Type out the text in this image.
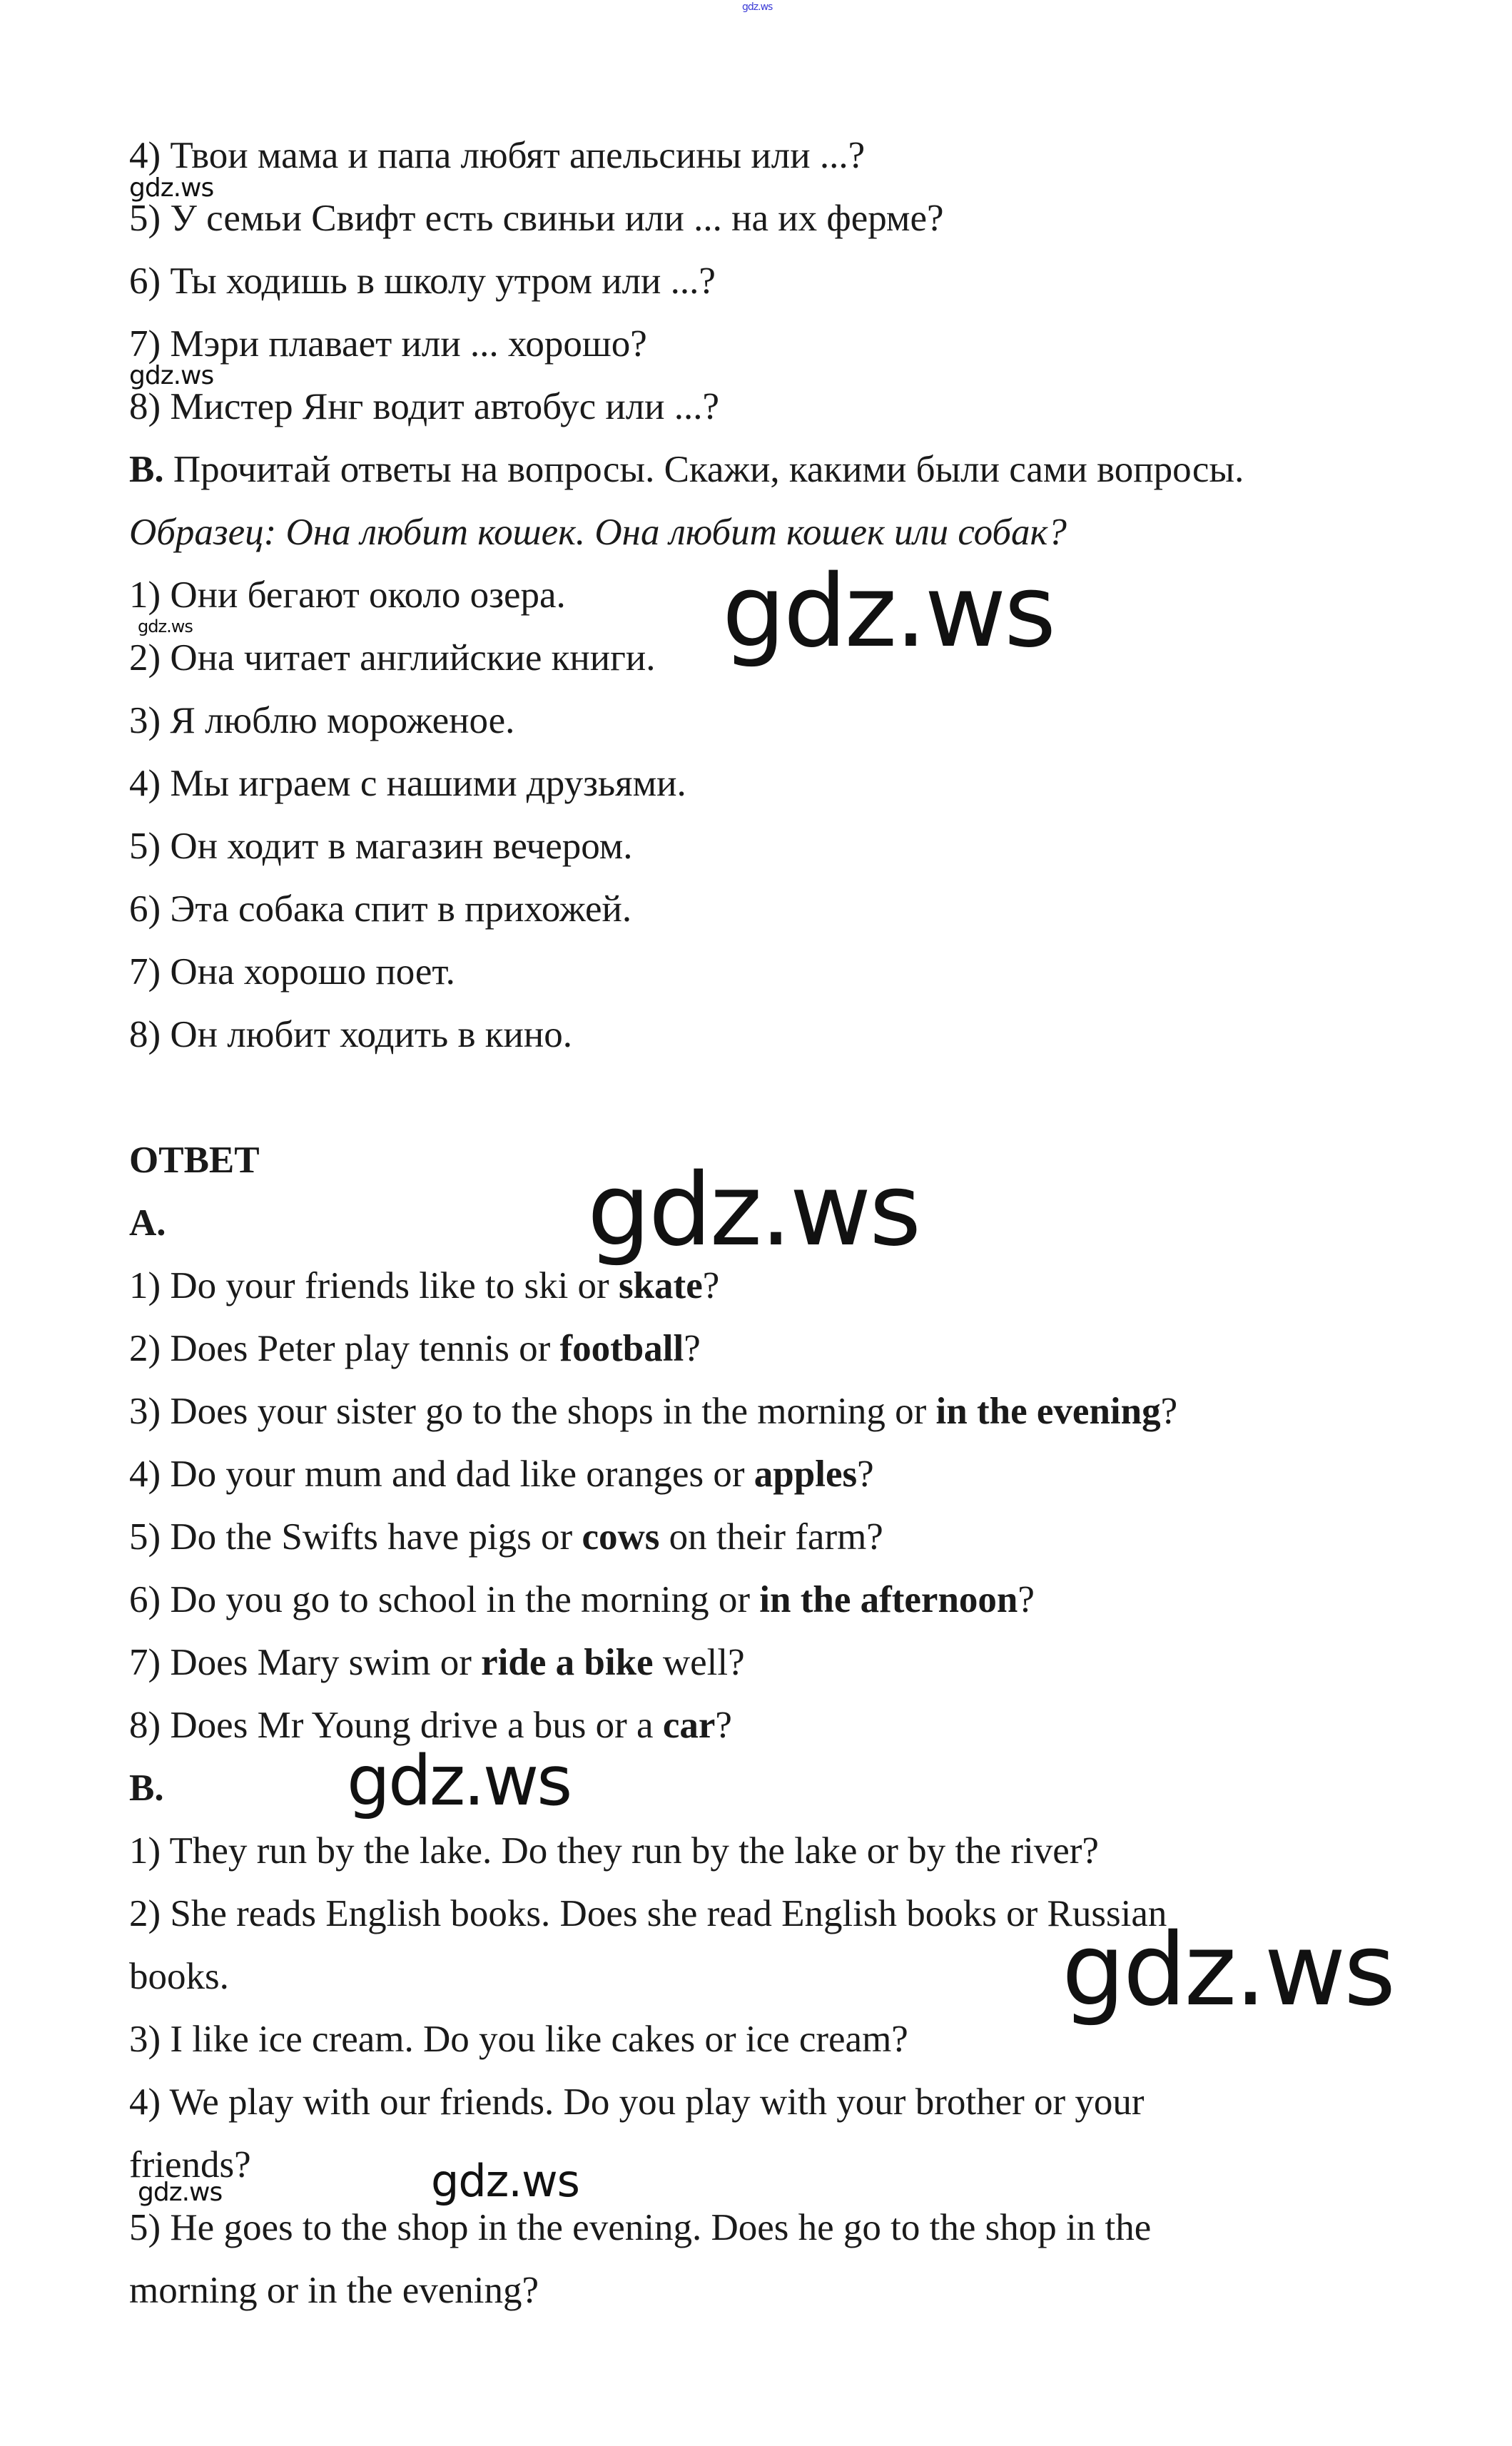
gdz.ws
gdz.ws
gdz.ws
gdz.ws	gdz.ws
gdz.ws
gdz.ws
gdz.ws
gdz.ws
gdz.ws
4) Твои мама и папа любят апельсины или ...?
5) У семьи Свифт есть свиньи или ... на их ферме?
6) Ты ходишь в школу утром или ...?
7) Мэри плавает или ... хорошо?
8) Мистер Янг водит автобус или ...?
B. Прочитай ответы на вопросы. Скажи, какими были сами вопросы.
Образец: Она любит кошек. Она любит кошек или собак?
1) Они бегают около озера.
2) Она читает английские книги.
3) Я люблю мороженое.
4) Мы играем с нашими друзьями.
5) Он ходит в магазин вечером.
6) Эта собака спит в прихожей.
7) Она хорошо поет.
8) Он любит ходить в кино.
ОТВЕТ
A.
1) Do your friends like to ski or skate?
2) Does Peter play tennis or football?
3) Does your sister go to the shops in the morning or in the evening?
4) Do your mum and dad like oranges or apples?
5) Do the Swifts have pigs or cows on their farm?
6) Do you go to school in the morning or in the afternoon?
7) Does Mary swim or ride a bike well?
8) Does Mr Young drive a bus or a car?
B.
1) They run by the lake. Do they run by the lake or by the river?
2) She reads English books. Does she read English books or Russian
books.
3) I like ice cream. Do you like cakes or ice cream?
4) We play with our friends. Do you play with your brother or your
friends?
5) He goes to the shop in the evening. Does he go to the shop in the
morning or in the evening?
